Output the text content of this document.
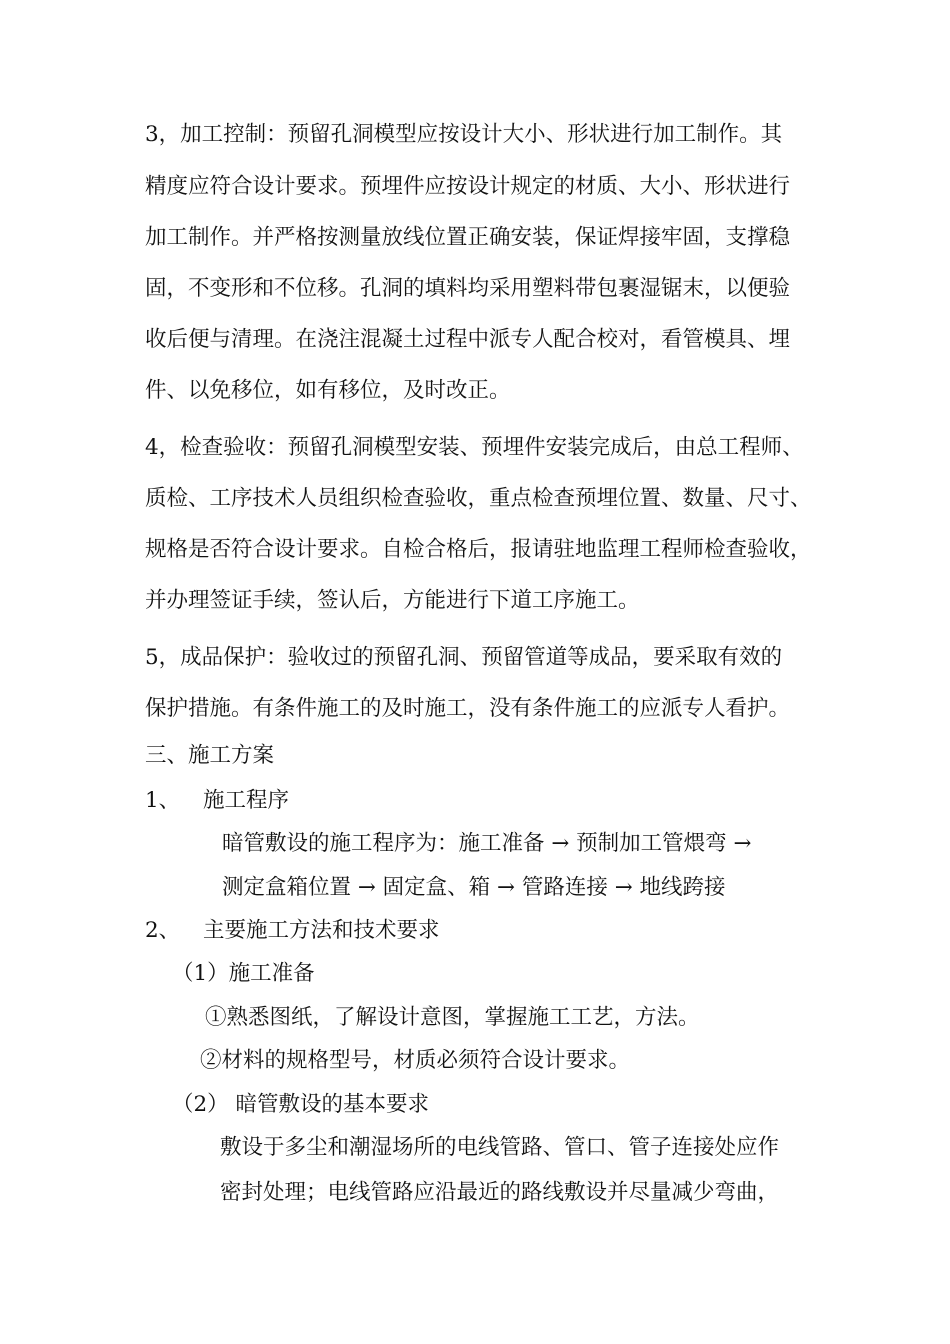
3，加工控制：预留孔洞模型应按设计大小、形状进行加工制作。其
精度应符合设计要求。预埋件应按设计规定的材质、大小、形状进行
加工制作。并严格按测量放线位置正确安装，保证焊接牢固，支撑稳
固，不变形和不位移。孔洞的填料均采用塑料带包裹湿锯末，以便验
收后便与清理。在浇注混凝土过程中派专人配合校对，看管模具、埋
件、以免移位，如有移位，及时改正。
4，检查验收：预留孔洞模型安装、预埋件安装完成后，由总工程师、
质检、工序技术人员组织检查验收，重点检查预埋位置、数量、尺寸、
规格是否符合设计要求。自检合格后，报请驻地监理工程师检查验收，
并办理签证手续，签认后，方能进行下道工序施工。
5，成品保护：验收过的预留孔洞、预留管道等成品，要采取有效的
保护措施。有条件施工的及时施工，没有条件施工的应派专人看护。
三、施工方案
1、 施工程序
暗管敷设的施工程序为：施工准备 → 预制加工管煨弯 →
测定盒箱位置 → 固定盒、箱 → 管路连接 → 地线跨接
2、 主要施工方法和技术要求
（1）施工准备
①熟悉图纸，了解设计意图，掌握施工工艺，方法。
②材料的规格型号，材质必须符合设计要求。
（2） 暗管敷设的基本要求
敷设于多尘和潮湿场所的电线管路、管口、管子连接处应作
密封处理；电线管路应沿最近的路线敷设并尽量减少弯曲，
